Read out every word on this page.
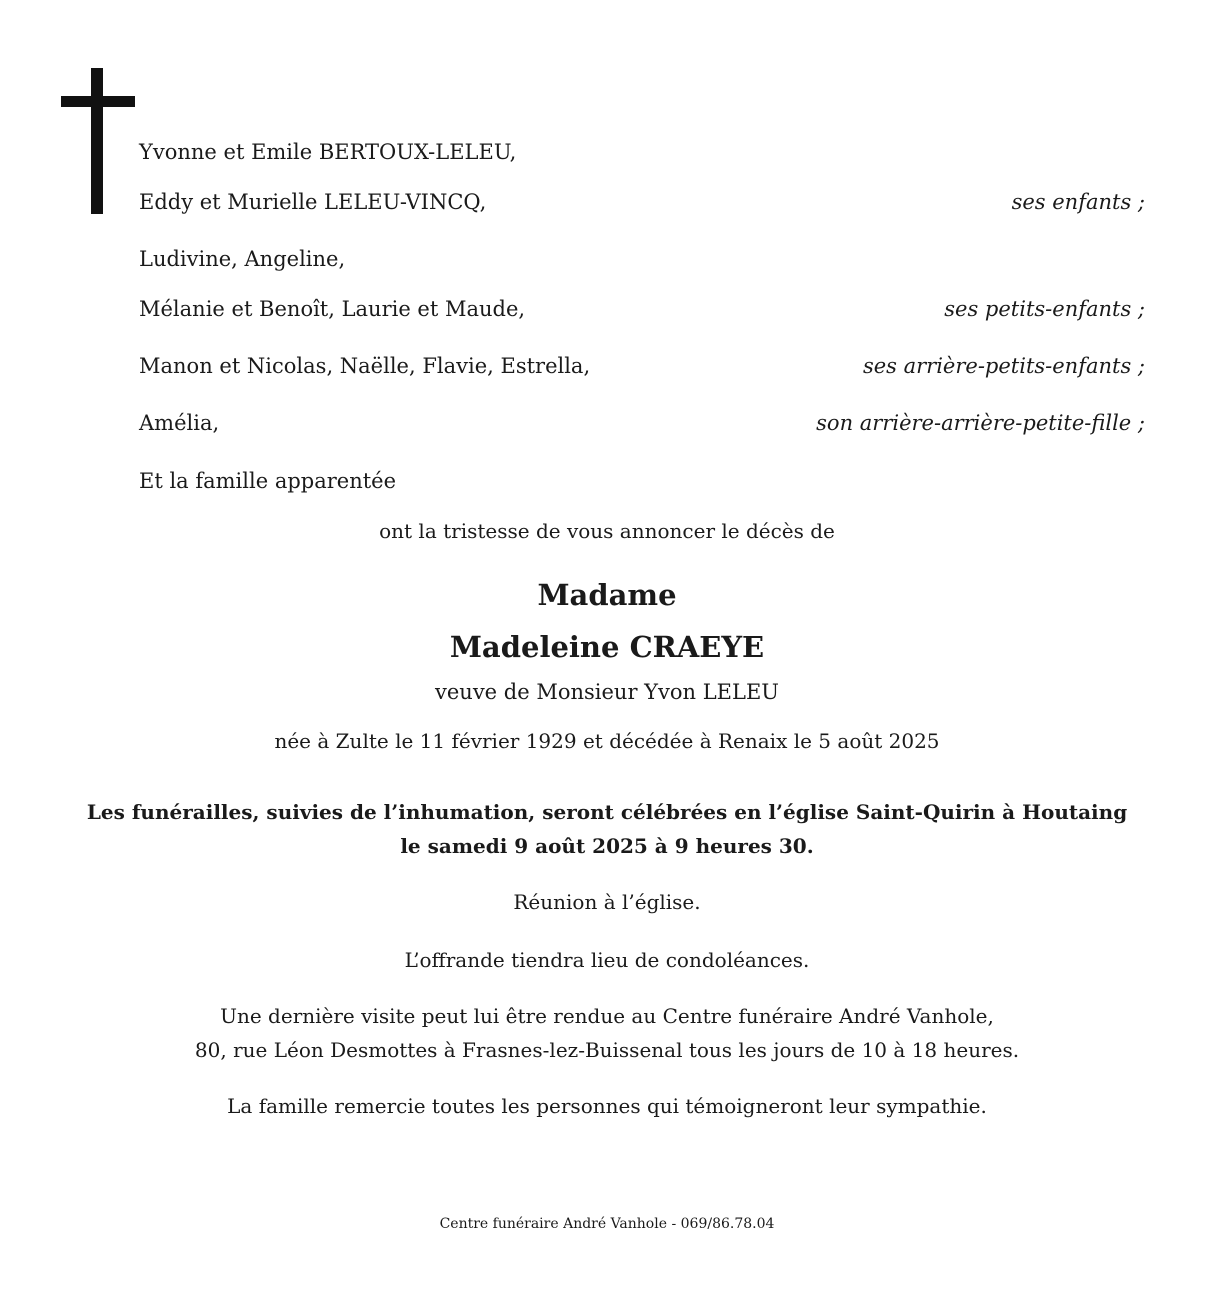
Yvonne et Emile BERTOUX-LELEU,
Eddy et Murielle LELEU-VINCQ,	ses enfants ;
Ludivine, Angeline,
Mélanie et Benoît, Laurie et Maude,	ses petits-enfants ;
Manon et Nicolas, Naëlle, Flavie, Estrella,	ses arrière-petits-enfants ;
Amélia,	son arrière-arrière-petite-fille ;
Et la famille apparentée
ont la tristesse de vous annoncer le décès de
Madame
Madeleine CRAEYE
veuve de Monsieur Yvon LELEU
née à Zulte le 11 février 1929 et décédée à Renaix le 5 août 2025
Les funérailles, suivies de l’inhumation, seront célébrées en l’église Saint-Quirin à Houtaing
le samedi 9 août 2025 à 9 heures 30.
Réunion à l’église.
L’offrande tiendra lieu de condoléances.
Une dernière visite peut lui être rendue au Centre funéraire André Vanhole,
80, rue Léon Desmottes à Frasnes-lez-Buissenal tous les jours de 10 à 18 heures.
La famille remercie toutes les personnes qui témoigneront leur sympathie.
Centre funéraire André Vanhole - 069/86.78.04
